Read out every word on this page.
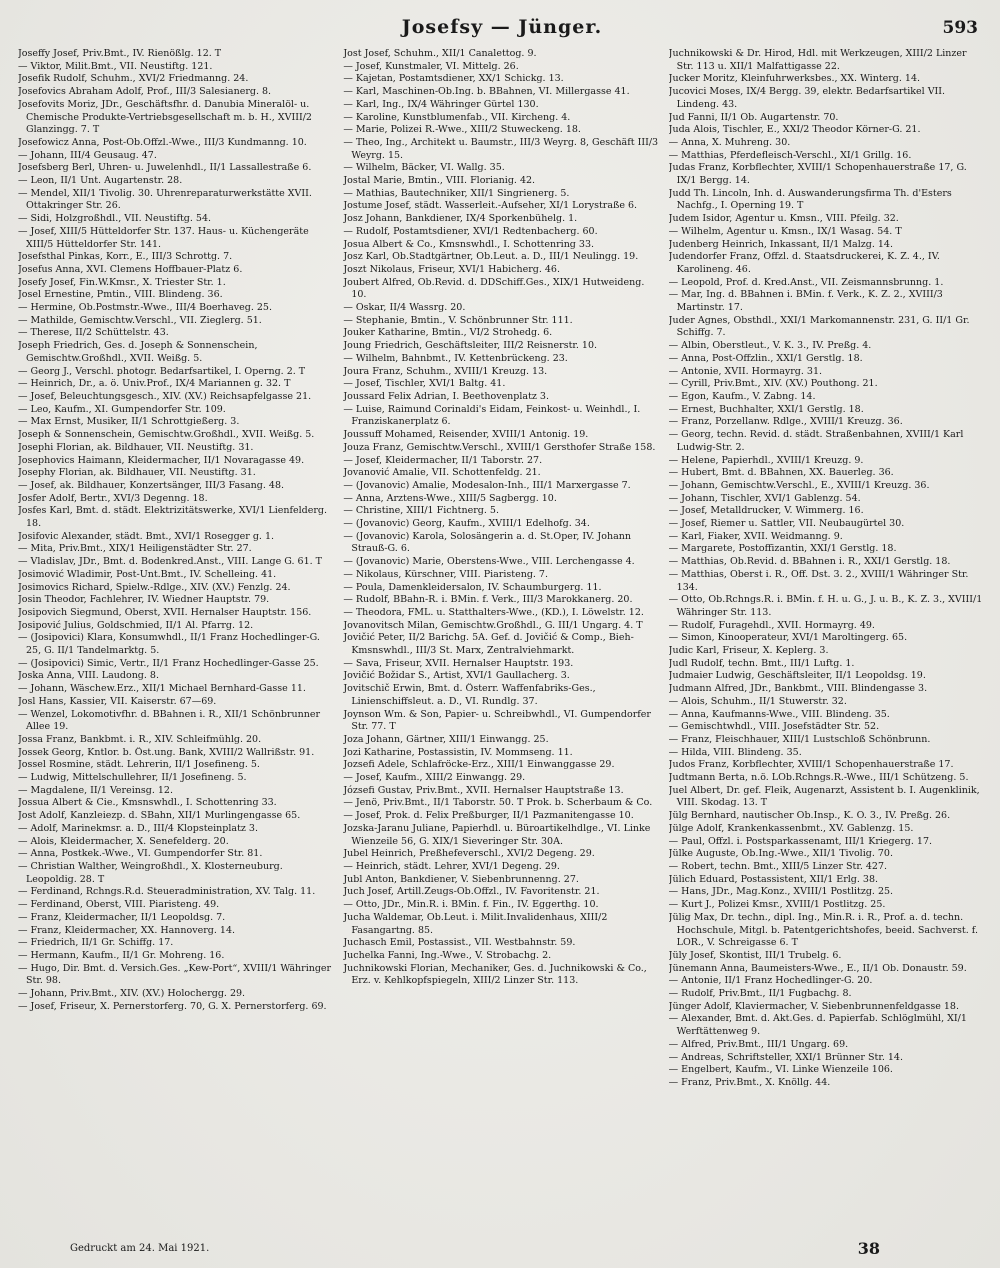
Josefsy — Jünger.	593
Joseffy Josef, Priv.Bmt., IV. Rienößlg. 12. T
— Viktor, Milit.Bmt., VII. Neustiftg. 121.
Josefik Rudolf, Schuhm., XVI/2 Friedmanng. 24.
Josefovics Abraham Adolf, Prof., III/3 Salesianerg. 8.
Josefovits Moriz, JDr., Geschäftsfhr. d. Danubia Mineralöl- u. Chemische Produkte-Vertriebsgesellschaft m. b. H., XVIII/2 Glanzingg. 7. T
Josefowicz Anna, Post-Ob.Offzl.-Wwe., III/3 Kundmanng. 10.
— Johann, III/4 Geusaug. 47.
Josefsberg Berl, Uhren- u. Juwelenhdl., II/1 Lassallestraße 6.
— Leon, II/1 Unt. Augartenstr. 28.
— Mendel, XII/1 Tivolig. 30. Uhrenreparaturwerkstätte XVII. Ottakringer Str. 26.
— Sidi, Holzgroßhdl., VII. Neustiftg. 54.
— Josef, XIII/5 Hütteldorfer Str. 137. Haus- u. Küchengeräte XIII/5 Hütteldorfer Str. 141.
Josefsthal Pinkas, Korr., E., III/3 Schrottg. 7.
Josefus Anna, XVI. Clemens Hoffbauer-Platz 6.
Josefy Josef, Fin.W.Kmsr., X. Triester Str. 1.
Josel Ernestine, Pmtin., VIII. Blindeng. 36.
— Hermine, Ob.Postmstr.-Wwe., III/4 Boerhaveg. 25.
— Mathilde, Gemischtw.Verschl., VII. Zieglerg. 51.
— Therese, II/2 Schüttelstr. 43.
Joseph Friedrich, Ges. d. Joseph & Sonnenschein, Gemischtw.Großhdl., XVII. Weißg. 5.
— Georg J., Verschl. photogr. Bedarfsartikel, I. Operng. 2. T
— Heinrich, Dr., a. ö. Univ.Prof., IX/4 Mariannen g. 32. T
— Josef, Beleuchtungsgesch., XIV. (XV.) Reichsapfelgasse 21.
— Leo, Kaufm., XI. Gumpendorfer Str. 109.
— Max Ernst, Musiker, II/1 Schrottgießerg. 3.
Joseph & Sonnenschein, Gemischtw.Großhdl., XVII. Weißg. 5.
Josephi Florian, ak. Bildhauer, VII. Neustiftg. 31.
Josephovics Haimann, Kleidermacher, II/1 Novaragasse 49.
Josephy Florian, ak. Bildhauer, VII. Neustiftg. 31.
— Josef, ak. Bildhauer, Konzertsänger, III/3 Fasang. 48.
Josfer Adolf, Bertr., XVI/3 Degenng. 18.
Josfes Karl, Bmt. d. städt. Elektrizitätswerke, XVI/1 Lienfelderg. 18.
Josifovic Alexander, städt. Bmt., XVI/1 Rosegger g. 1.
— Mita, Priv.Bmt., XIX/1 Heiligenstädter Str. 27.
— Vladislav, JDr., Bmt. d. Bodenkred.Anst., VIII. Lange G. 61. T
Josimović Wladimir, Post-Unt.Bmt., IV. Schelleing. 41.
Josimovics Richard, Spielw.-Rdlge., XIV. (XV.) Fenzlg. 24.
Josin Theodor, Fachlehrer, IV. Wiedner Hauptstr. 79.
Josipovich Siegmund, Oberst, XVII. Hernalser Hauptstr. 156.
Josipović Julius, Goldschmied, II/1 Al. Pfarrg. 12.
— (Josipovici) Klara, Konsumwhdl., II/1 Franz Hochedlinger-G. 25, G. II/1 Tandelmarktg. 5.
— (Josipovici) Simic, Vertr., II/1 Franz Hochedlinger-Gasse 25.
Joska Anna, VIII. Laudong. 8.
— Johann, Wäschew.Erz., XII/1 Michael Bernhard-Gasse 11.
Josl Hans, Kassier, VII. Kaiserstr. 67—69.
— Wenzel, Lokomotivfhr. d. BBahnen i. R., XII/1 Schönbrunner Allee 19.
Jossa Franz, Bankbmt. i. R., XIV. Schleifmühlg. 20.
Jossek Georg, Kntlor. b. Öst.ung. Bank, XVIII/2 Wallrißstr. 91.
Jossel Rosmine, städt. Lehrerin, II/1 Josefineng. 5.
— Ludwig, Mittelschullehrer, II/1 Josefineng. 5.
— Magdalene, II/1 Vereinsg. 12.
Jossua Albert & Cie., Kmsnswhdl., I. Schottenring 33.
Jost Adolf, Kanzleiezp. d. SBahn, XII/1 Murlingengasse 65.
— Adolf, Marinekmsr. a. D., III/4 Klopsteinplatz 3.
— Alois, Kleidermacher, X. Senefelderg. 20.
— Anna, Postkek.-Wwe., VI. Gumpendorfer Str. 81.
— Christian Walther, Weingroßhdl., X. Klosterneuburg. Leopoldig. 28. T
— Ferdinand, Rchngs.R.d. Steueradministration, XV. Talg. 11.
— Ferdinand, Oberst, VIII. Piaristeng. 49.
— Franz, Kleidermacher, II/1 Leopoldsg. 7.
— Franz, Kleidermacher, XX. Hannoverg. 14.
— Friedrich, II/1 Gr. Schiffg. 17.
— Hermann, Kaufm., II/1 Gr. Mohreng. 16.
— Hugo, Dir. Bmt. d. Versich.Ges. „Kew-Port“, XVIII/1 Währinger Str. 98.
— Johann, Priv.Bmt., XIV. (XV.) Holochergg. 29.
— Josef, Friseur, X. Pernerstorferg. 70, G. X. Pernerstorferg. 69.
Jost Josef, Schuhm., XII/1 Canalettog. 9.
— Josef, Kunstmaler, VI. Mittelg. 26.
— Kajetan, Postamtsdiener, XX/1 Schickg. 13.
— Karl, Maschinen-Ob.Ing. b. BBahnen, VI. Millergasse 41.
— Karl, Ing., IX/4 Währinger Gürtel 130.
— Karoline, Kunstblumenfab., VII. Kircheng. 4.
— Marie, Polizei R.-Wwe., XIII/2 Stuweckeng. 18.
— Theo, Ing., Architekt u. Baumstr., III/3 Weyrg. 8, Geschäft III/3 Weyrg. 15.
— Wilhelm, Bäcker, VI. Wallg. 35.
Jostal Marie, Bmtin., VIII. Florianig. 42.
— Mathias, Bautechniker, XII/1 Singrienerg. 5.
Jostume Josef, städt. Wasserleit.-Aufseher, XI/1 Lorystraße 6.
Josz Johann, Bankdiener, IX/4 Sporkenbühelg. 1.
— Rudolf, Postamtsdiener, XVI/1 Redtenbacherg. 60.
Josua Albert & Co., Kmsnswhdl., I. Schottenring 33.
Josz Karl, Ob.Stadtgärtner, Ob.Leut. a. D., III/1 Neulingg. 19.
Joszt Nikolaus, Friseur, XVI/1 Habicherg. 46.
Joubert Alfred, Ob.Revid. d. DDSchiff.Ges., XIX/1 Hutweideng. 10.
— Oskar, II/4 Wassrg. 20.
— Stephanie, Bmtin., V. Schönbrunner Str. 111.
Jouker Katharine, Bmtin., VI/2 Strohedg. 6.
Joung Friedrich, Geschäftsleiter, III/2 Reisnerstr. 10.
— Wilhelm, Bahnbmt., IV. Kettenbrückeng. 23.
Joura Franz, Schuhm., XVIII/1 Kreuzg. 13.
— Josef, Tischler, XVI/1 Baltg. 41.
Joussard Felix Adrian, I. Beethovenplatz 3.
— Luise, Raimund Corinaldi's Eidam, Feinkost- u. Weinhdl., I. Franziskanerplatz 6.
Joussuff Mohamed, Reisender, XVIII/1 Antonig. 19.
Jouza Franz, Gemischtw.Verschl., XVIII/1 Gersthofer Straße 158.
— Josef, Kleidermacher, II/1 Taborstr. 27.
Jovanović Amalie, VII. Schottenfeldg. 21.
— (Jovanovic) Amalie, Modesalon-Inh., III/1 Marxergasse 7.
— Anna, Arztens-Wwe., XIII/5 Sagbergg. 10.
— Christine, XIII/1 Fichtnerg. 5.
— (Jovanovic) Georg, Kaufm., XVIII/1 Edelhofg. 34.
— (Jovanovic) Karola, Solosängerin a. d. St.Oper, IV. Johann Strauß-G. 6.
— (Jovanovic) Marie, Oberstens-Wwe., VIII. Lerchengasse 4.
— Nikolaus, Kürschner, VIII. Piaristeng. 7.
— Poula, Damenkleidersalon, IV. Schaumburgerg. 11.
— Rudolf, BBahn-R. i. BMin. f. Verk., III/3 Marokkanerg. 20.
— Theodora, FML. u. Statthalters-Wwe., (KD.), I. Löwelstr. 12.
Jovanovitsch Milan, Gemischtw.Großhdl., G. III/1 Ungarg. 4. T
Jovičić Peter, II/2 Barichg. 5A. Gef. d. Jovičić & Comp., Bieh-Kmsnswhdl., III/3 St. Marx, Zentralviehmarkt.
— Sava, Friseur, XVII. Hernalser Hauptstr. 193.
Jovičić Božidar S., Artist, XVI/1 Gaullacherg. 3.
Jovitschič Erwin, Bmt. d. Österr. Waffenfabriks-Ges., Linienschiffsleut. a. D., VI. Rundlg. 37.
Joynson Wm. & Son, Papier- u. Schreibwhdl., VI. Gumpendorfer Str. 77. T
Joza Johann, Gärtner, XIII/1 Einwangg. 25.
Jozi Katharine, Postassistin, IV. Mommseng. 11.
Jozsefi Adele, Schlafröcke-Erz., XIII/1 Einwanggasse 29.
— Josef, Kaufm., XIII/2 Einwangg. 29.
Józsefi Gustav, Priv.Bmt., XVII. Hernalser Hauptstraße 13.
— Jenö, Priv.Bmt., II/1 Taborstr. 50. T Prok. b. Scherbaum & Co.
— Josef, Prok. d. Felix Preßburger, II/1 Pazmanitengasse 10.
Jozska-Jaranu Juliane, Papierhdl. u. Büroartikelhdlge., VI. Linke Wienzeile 56, G. XIX/1 Sieveringer Str. 30A.
Jubel Heinrich, Preßhefeverschl., XVI/2 Degeng. 29.
— Heinrich, städt. Lehrer, XVI/1 Degeng. 29.
Jubl Anton, Bankdiener, V. Siebenbrunnenng. 27.
Juch Josef, Artill.Zeugs-Ob.Offzl., IV. Favoritenstr. 21.
— Otto, JDr., Min.R. i. BMin. f. Fin., IV. Eggerthg. 10.
Jucha Waldemar, Ob.Leut. i. Milit.Invalidenhaus, XIII/2 Fasangartng. 85.
Juchasch Emil, Postassist., VII. Westbahnstr. 59.
Juchelka Fanni, Ing.-Wwe., V. Strobachg. 2.
Juchnikowski Florian, Mechaniker, Ges. d. Juchnikowski & Co., Erz. v. Kehlkopfspiegeln, XIII/2 Linzer Str. 113.
Juchnikowski & Dr. Hirod, Hdl. mit Werkzeugen, XIII/2 Linzer Str. 113 u. XII/1 Malfattigasse 22.
Jucker Moritz, Kleinfuhrwerksbes., XX. Winterg. 14.
Jucovici Moses, IX/4 Bergg. 39, elektr. Bedarfsartikel VII. Lindeng. 43.
Jud Fanni, II/1 Ob. Augartenstr. 70.
Juda Alois, Tischler, E., XXI/2 Theodor Körner-G. 21.
— Anna, X. Muhreng. 30.
— Matthias, Pferdefleisch-Verschl., XI/1 Grillg. 16.
Judas Franz, Korbflechter, XVIII/1 Schopenhauerstraße 17, G. IX/1 Bergg. 14.
Judd Th. Lincoln, Inh. d. Auswanderungsfirma Th. d'Esters Nachfg., I. Operning 19. T
Judem Isidor, Agentur u. Kmsn., VIII. Pfeilg. 32.
— Wilhelm, Agentur u. Kmsn., IX/1 Wasag. 54. T
Judenberg Heinrich, Inkassant, II/1 Malzg. 14.
Judendorfer Franz, Offzl. d. Staatsdruckerei, K. Z. 4., IV. Karolineng. 46.
— Leopold, Prof. d. Kred.Anst., VII. Zeismannsbrunng. 1.
— Mar, Ing. d. BBahnen i. BMin. f. Verk., K. Z. 2., XVIII/3 Martinstr. 17.
Juder Agnes, Obsthdl., XXI/1 Markomannenstr. 231, G. II/1 Gr. Schiffg. 7.
— Albin, Oberstleut., V. K. 3., IV. Preßg. 4.
— Anna, Post-Offzlin., XXI/1 Gerstlg. 18.
— Antonie, XVII. Hormayrg. 31.
— Cyrill, Priv.Bmt., XIV. (XV.) Pouthong. 21.
— Egon, Kaufm., V. Zabng. 14.
— Ernest, Buchhalter, XXI/1 Gerstlg. 18.
— Franz, Porzellanw. Rdlge., XVIII/1 Kreuzg. 36.
— Georg, techn. Revid. d. städt. Straßenbahnen, XVIII/1 Karl Ludwig-Str. 2.
— Helene, Papierhdl., XVIII/1 Kreuzg. 9.
— Hubert, Bmt. d. BBahnen, XX. Bauerleg. 36.
— Johann, Gemischtw.Verschl., E., XVIII/1 Kreuzg. 36.
— Johann, Tischler, XVI/1 Gablenzg. 54.
— Josef, Metalldrucker, V. Wimmerg. 16.
— Josef, Riemer u. Sattler, VII. Neubaugürtel 30.
— Karl, Fiaker, XVII. Weidmanng. 9.
— Margarete, Postoffizantin, XXI/1 Gerstlg. 18.
— Matthias, Ob.Revid. d. BBahnen i. R., XXI/1 Gerstlg. 18.
— Matthias, Oberst i. R., Off. Dst. 3. 2., XVIII/1 Währinger Str. 134.
— Otto, Ob.Rchngs.R. i. BMin. f. H. u. G., J. u. B., K. Z. 3., XVIII/1 Währinger Str. 113.
— Rudolf, Furagehdl., XVII. Hormayrg. 49.
— Simon, Kinooperateur, XVI/1 Maroltingerg. 65.
Judic Karl, Friseur, X. Keplerg. 3.
Judl Rudolf, techn. Bmt., III/1 Luftg. 1.
Judmaier Ludwig, Geschäftsleiter, II/1 Leopoldsg. 19.
Judmann Alfred, JDr., Bankbmt., VIII. Blindengasse 3.
— Alois, Schuhm., II/1 Stuwerstr. 32.
— Anna, Kaufmanns-Wwe., VIII. Blindeng. 35.
— Gemischtwhdl., VIII. Josefstädter Str. 52.
— Franz, Fleischhauer, XIII/1 Lustschloß Schönbrunn.
— Hilda, VIII. Blindeng. 35.
Judos Franz, Korbflechter, XVIII/1 Schopenhauerstraße 17.
Judtmann Berta, n.ö. LOb.Rchngs.R.-Wwe., III/1 Schützeng. 5.
Juel Albert, Dr. gef. Fleik, Augenarzt, Assistent b. I. Augenklinik, VIII. Skodag. 13. T
Jülg Bernhard, nautischer Ob.Insp., K. O. 3., IV. Preßg. 26.
Jülge Adolf, Krankenkassenbmt., XV. Gablenzg. 15.
— Paul, Offzl. i. Postsparkassenamt, III/1 Kriegerg. 17.
Jülke Auguste, Ob.Ing.-Wwe., XII/1 Tivolig. 70.
— Robert, techn. Bmt., XIII/5 Linzer Str. 427.
Jülich Eduard, Postassistent, XII/1 Erlg. 38.
— Hans, JDr., Mag.Konz., XVIII/1 Postlitzg. 25.
— Kurt J., Polizei Kmsr., XVIII/1 Postlitzg. 25.
Jülig Max, Dr. techn., dipl. Ing., Min.R. i. R., Prof. a. d. techn. Hochschule, Mitgl. b. Patentgerichtshofes, beeid. Sachverst. f. LOR., V. Schreigasse 6. T
Jüly Josef, Skontist, III/1 Trubelg. 6.
Jünemann Anna, Baumeisters-Wwe., E., II/1 Ob. Donaustr. 59.
— Antonie, II/1 Franz Hochedlinger-G. 20.
— Rudolf, Priv.Bmt., II/1 Fugbachg. 8.
Jünger Adolf, Klaviermacher, V. Siebenbrunnenfeldgasse 18.
— Alexander, Bmt. d. Akt.Ges. d. Papierfab. Schlöglmühl, XI/1 Werftättenweg 9.
— Alfred, Priv.Bmt., III/1 Ungarg. 69.
— Andreas, Schriftsteller, XXI/1 Brünner Str. 14.
— Engelbert, Kaufm., VI. Linke Wienzeile 106.
— Franz, Priv.Bmt., X. Knöllg. 44.
Gedruckt am 24. Mai 1921.	38
